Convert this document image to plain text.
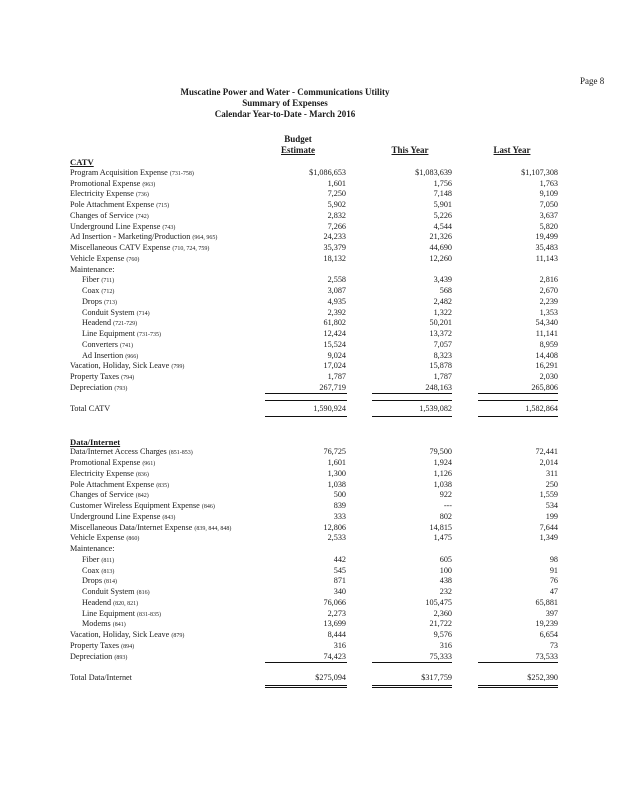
Page 8
Muscatine Power and Water - Communications Utility
Summary of Expenses
Calendar Year-to-Date - March 2016
Budget
Estimate	This Year	Last Year
CATV
Program Acquisition Expense (731-758)	$1,086,653	$1,083,639	$1,107,308
Promotional Expense (963)	1,601	1,756	1,763
Electricity Expense (736)	7,250	7,148	9,109
Pole Attachment Expense (715)	5,902	5,901	7,050
Changes of Service (742)	2,832	5,226	3,637
Underground Line Expense (743)	7,266	4,544	5,820
Ad Insertion - Marketing/Production (964, 965)	24,233	21,326	19,499
Miscellaneous CATV Expense (710, 724, 759)	35,379	44,690	35,483
Vehicle Expense (760)	18,132	12,260	11,143
Maintenance:
Fiber (711)	2,558	3,439	2,816
Coax (712)	3,087	568	2,670
Drops (713)	4,935	2,482	2,239
Conduit System (714)	2,392	1,322	1,353
Headend (721-729)	61,802	50,201	54,340
Line Equipment (731-735)	12,424	13,372	11,141
Converters (741)	15,524	7,057	8,959
Ad Insertion (966)	9,024	8,323	14,408
Vacation, Holiday, Sick Leave (799)	17,024	15,878	16,291
Property Taxes (794)	1,787	1,787	2,030
Depreciation (793)	267,719	248,163	265,806
Total CATV	1,590,924	1,539,082	1,582,864
Data/Internet
Data/Internet Access Charges (851-853)	76,725	79,500	72,441
Promotional Expense (961)	1,601	1,924	2,014
Electricity Expense (836)	1,300	1,126	311
Pole Attachment Expense (835)	1,038	1,038	250
Changes of Service (842)	500	922	1,559
Customer Wireless Equipment Expense (846)	839	---	534
Underground Line Expense (843)	333	802	199
Miscellaneous Data/Internet Expense (839, 844, 848)	12,806	14,815	7,644
Vehicle Expense (860)	2,533	1,475	1,349
Maintenance:
Fiber (811)	442	605	98
Coax (813)	545	100	91
Drops (814)	871	438	76
Conduit System (816)	340	232	47
Headend (820, 821)	76,066	105,475	65,881
Line Equipment (831-835)	2,273	2,360	397
Modems (841)	13,699	21,722	19,239
Vacation, Holiday, Sick Leave (879)	8,444	9,576	6,654
Property Taxes (894)	316	316	73
Depreciation (893)	74,423	75,333	73,533
Total Data/Internet	$275,094	$317,759	$252,390
